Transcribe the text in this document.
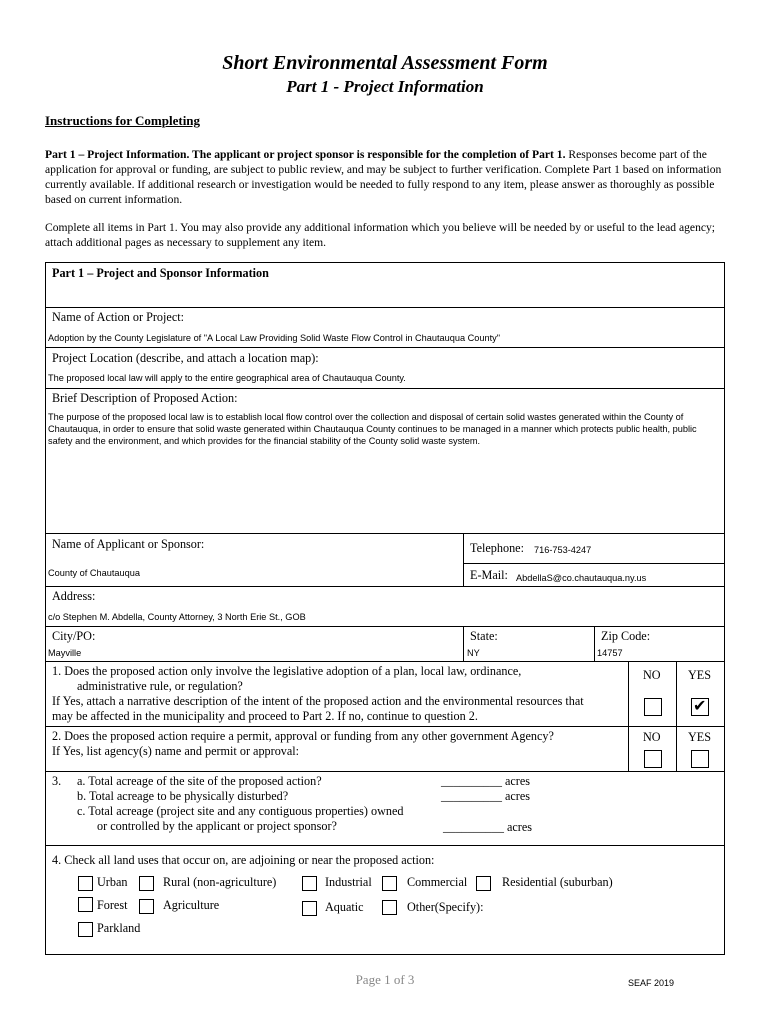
Short Environmental Assessment Form
Part 1 - Project Information
Instructions for Completing
Part 1 – Project Information. The applicant or project sponsor is responsible for the completion of Part 1. Responses become part of the application for approval or funding, are subject to public review, and may be subject to further verification. Complete Part 1 based on information currently available. If additional research or investigation would be needed to fully respond to any item, please answer as thoroughly as possible based on current information.
Complete all items in Part 1. You may also provide any additional information which you believe will be needed by or useful to the lead agency; attach additional pages as necessary to supplement any item.
Part 1 – Project and Sponsor Information
Name of Action or Project:
Adoption by the County Legislature of "A Local Law Providing Solid Waste Flow Control in Chautauqua County"
Project Location (describe, and attach a location map):
The proposed local law will apply to the entire geographical area of Chautauqua County.
Brief Description of Proposed Action:
The purpose of the proposed local law is to establish local flow control over the collection and disposal of certain solid wastes generated within the County of Chautauqua, in order to ensure that solid waste generated within Chautauqua County continues to be managed in a manner which protects public health, public safety and the environment, and which provides for the financial stability of the County solid waste system.
Name of Applicant or Sponsor:
County of Chautauqua
Telephone: 716-753-4247
E-Mail: AbdellaS@co.chautauqua.ny.us
Address:
c/o Stephen M. Abdella, County Attorney, 3 North Erie St., GOB
City/PO:
Mayville
State:
NY
Zip Code:
14757
1. Does the proposed action only involve the legislative adoption of a plan, local law, ordinance,
administrative rule, or regulation?
If Yes, attach a narrative description of the intent of the proposed action and the environmental resources that
may be affected in the municipality and proceed to Part 2. If no, continue to question 2.
NO YES
✔
2. Does the proposed action require a permit, approval or funding from any other government Agency?
If Yes, list agency(s) name and permit or approval:
NO YES
3. a. Total acreage of the site of the proposed action?
b. Total acreage to be physically disturbed?
c. Total acreage (project site and any contiguous properties) owned
or controlled by the applicant or project sponsor?
__________ acres
__________ acres
__________ acres
4. Check all land uses that occur on, are adjoining or near the proposed action:
Urban	Rural (non-agriculture)	Industrial	Commercial	Residential (suburban)
Forest	Agriculture	Aquatic	Other(Specify):
Parkland
Page 1 of 3	SEAF 2019
